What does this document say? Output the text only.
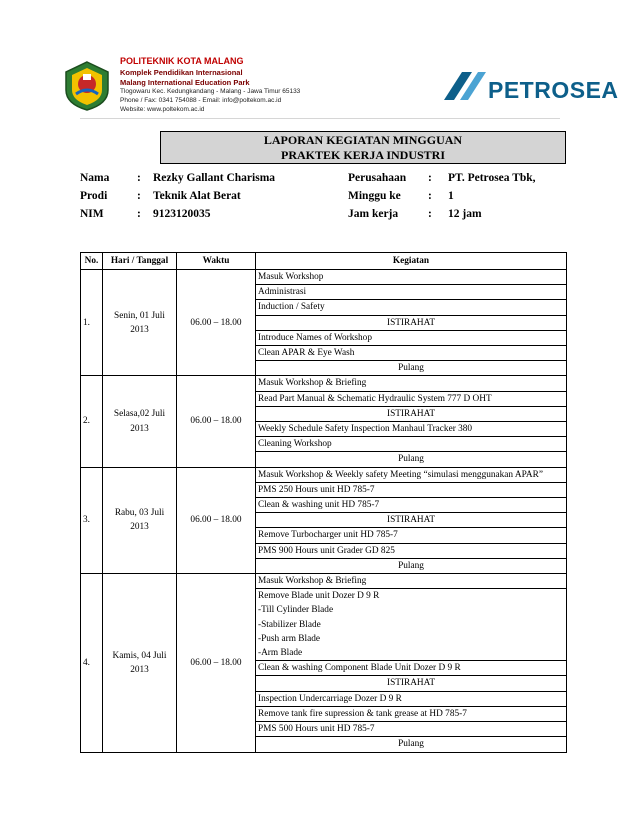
POLITEKNIK KOTA MALANG
Komplek Pendidikan Internasional
Malang International Education Park
Tlogowaru Kec. Kedungkandang - Malang - Jawa Timur 65133
Phone / Fax: 0341 754088 - Email: info@poltekom.ac.id
Website: www.poltekom.ac.id
PETROSEA
LAPORAN KEGIATAN MINGGUAN
PRAKTEK KERJA INDUSTRI
Nama : Rezky Gallant Charisma	Perusahaan : PT. Petrosea Tbk,
Prodi	: Teknik Alat Berat	Minggu ke : 1
NIM	: 9123120035	Jam kerja	: 12 jam
No.	Hari / Tanggal	Waktu	Kegiatan
1.	Senin, 01 Juli 2013	06.00 – 18.00	Masuk Workshop
			Administrasi
			Induction / Safety
			ISTIRAHAT
			Introduce Names of Workshop
			Clean APAR & Eye Wash
			Pulang
2.	Selasa,02 Juli 2013	06.00 – 18.00	Masuk Workshop & Briefing
			Read Part Manual & Schematic Hydraulic System 777 D OHT
			ISTIRAHAT
			Weekly Schedule Safety Inspection Manhaul Tracker 380
			Cleaning Workshop
			Pulang
3.	Rabu, 03 Juli 2013	06.00 – 18.00	Masuk Workshop & Weekly safety Meeting “simulasi menggunakan APAR”
			PMS 250 Hours unit HD 785-7
			Clean & washing unit HD 785-7
			ISTIRAHAT
			Remove Turbocharger unit HD 785-7
			PMS 900 Hours unit Grader GD 825
			Pulang
4.	Kamis, 04 Juli 2013	06.00 – 18.00	Masuk Workshop & Briefing
			Remove Blade unit Dozer D 9 R
-Till Cylinder Blade
-Stabilizer Blade
-Push arm Blade
-Arm Blade
			Clean & washing Component Blade Unit Dozer D 9 R
			ISTIRAHAT
			Inspection Undercarriage Dozer D 9 R
			Remove tank fire supression & tank grease at HD 785-7
			PMS 500 Hours unit HD 785-7
			Pulang
